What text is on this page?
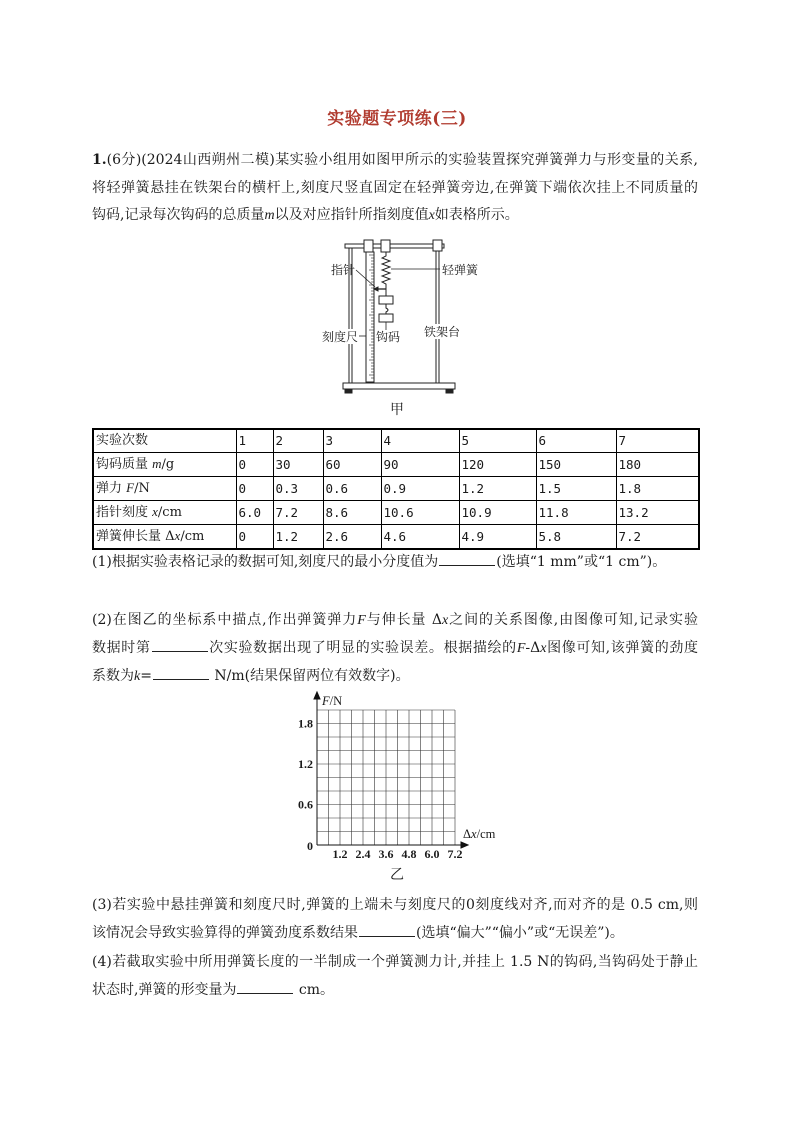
实验题专项练(三)
1.(6分)(2024山西朔州二模)某实验小组用如图甲所示的实验装置探究弹簧弹力与形变量的关系,
将轻弹簧悬挂在铁架台的横杆上,刻度尺竖直固定在轻弹簧旁边,在弹簧下端依次挂上不同质量的
钩码,记录每次钩码的总质量m以及对应指针所指刻度值x如表格所示。
指针	轻弹簧
刻度尺 钩码 铁架台
甲
实验次数	1	2	3	4	5	6	7
钩码质量 m/g	0	30	60	90	120	150	180
弹力 F/N	0	0.3	0.6	0.9	1.2	1.5	1.8
指针刻度 x/cm	6.0	7.2	8.6	10.6	10.9	11.8	13.2
弹簧伸长量 Δx/cm	0	1.2	2.6	4.6	4.9	5.8	7.2
(1)根据实验表格记录的数据可知,刻度尺的最小分度值为	(选填“1 mm”或“1 cm”)。
(2)在图乙的坐标系中描点,作出弹簧弹力F与伸长量 Δx之间的关系图像,由图像可知,记录实验
数据时第	次实验数据出现了明显的实验误差。根据描绘的F-Δx图像可知,该弹簧的劲度
系数为k=	N/m(结果保留两位有效数字)。
F/N
Δx/cm
0
1.2 2.4 3.6 4.8 6.0 7.2
0.6
1.2
1.8
乙
(3)若实验中悬挂弹簧和刻度尺时,弹簧的上端未与刻度尺的0刻度线对齐,而对齐的是 0.5 cm,则
该情况会导致实验算得的弹簧劲度系数结果	(选填“偏大”“偏小”或“无误差”)。
(4)若截取实验中所用弹簧长度的一半制成一个弹簧测力计,并挂上 1.5 N的钩码,当钩码处于静止
状态时,弹簧的形变量为	cm。
